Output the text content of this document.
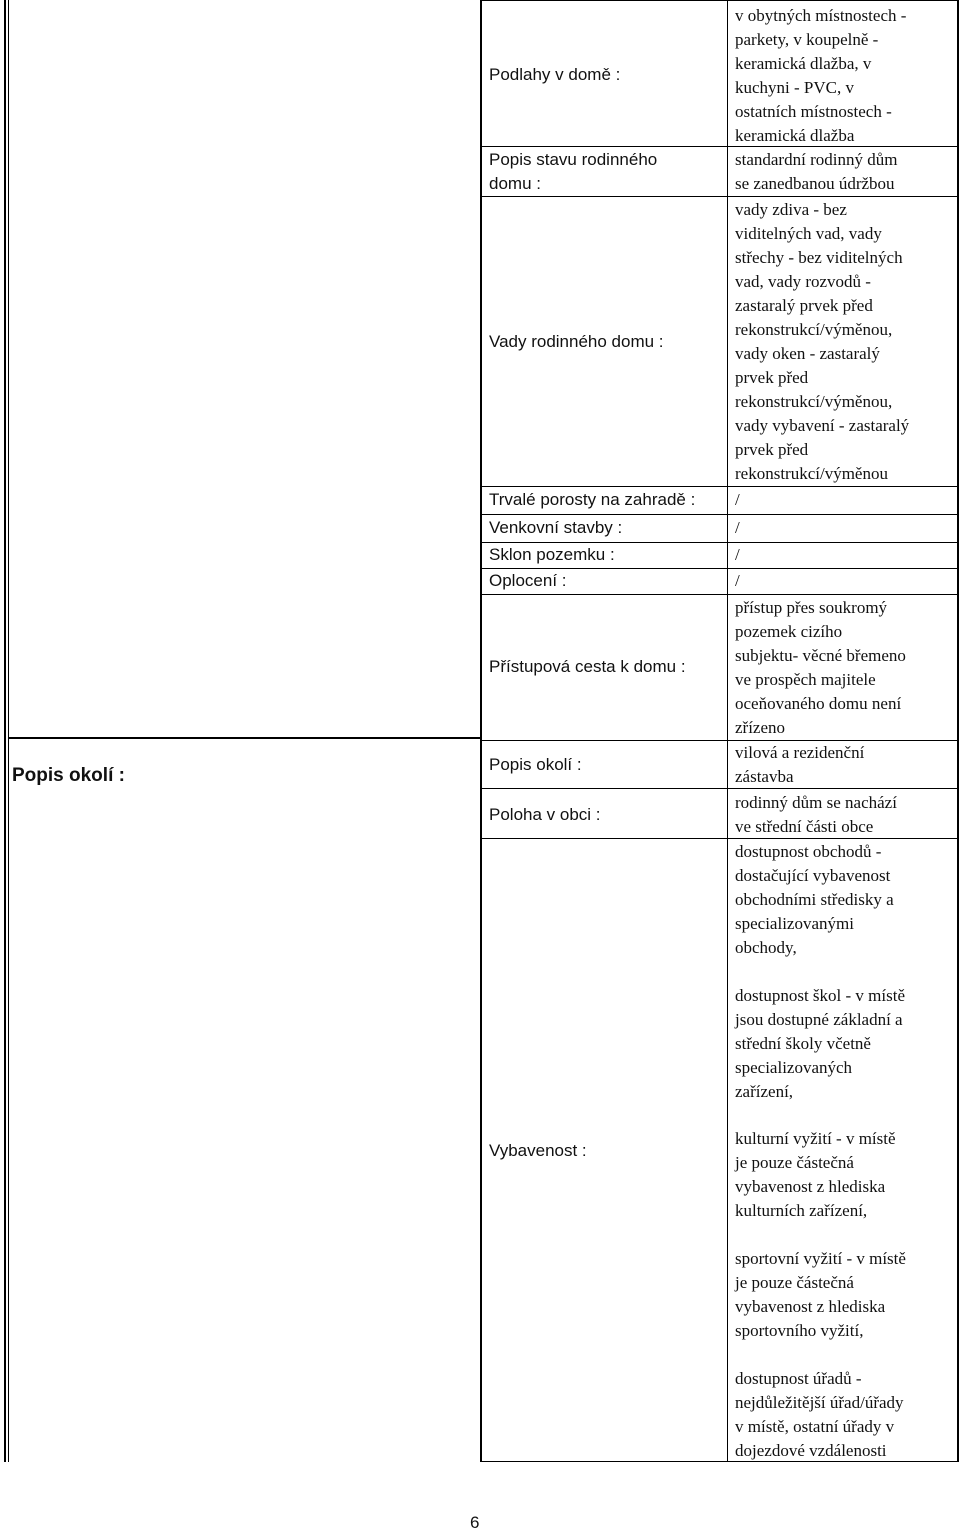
Popis okolí :
Podlahy v domě :
v obytných místnostech -
parkety, v koupelně -
keramická dlažba, v
kuchyni - PVC, v
ostatních místnostech -
keramická dlažba
Popis stavu rodinného
domu :
standardní rodinný dům
se zanedbanou údržbou
Vady rodinného domu :
vady zdiva - bez
viditelných vad, vady
střechy - bez viditelných
vad, vady rozvodů -
zastaralý prvek před
rekonstrukcí/výměnou,
vady oken - zastaralý
prvek před
rekonstrukcí/výměnou,
vady vybavení - zastaralý
prvek před
rekonstrukcí/výměnou
Trvalé porosty na zahradě : /
Venkovní stavby :	/
Sklon pozemku :	/
Oplocení :	/
Přístupová cesta k domu :
přístup přes soukromý
pozemek cizího
subjektu- věcné břemeno
ve prospěch majitele
oceňovaného domu není
zřízeno
Popis okolí :
vilová a rezidenční
zástavba
Poloha v obci :
rodinný dům se nachází
ve střední části obce
Vybavenost :
dostupnost obchodů -
dostačující vybavenost
obchodními středisky a
specializovanými
obchody,
dostupnost škol - v místě
jsou dostupné základní a
střední školy včetně
specializovaných
zařízení,
kulturní vyžití - v místě
je pouze částečná
vybavenost z hlediska
kulturních zařízení,
sportovní vyžití - v místě
je pouze částečná
vybavenost z hlediska
sportovního vyžití,
dostupnost úřadů -
nejdůležitější úřad/úřady
v místě, ostatní úřady v
dojezdové vzdálenosti
6
